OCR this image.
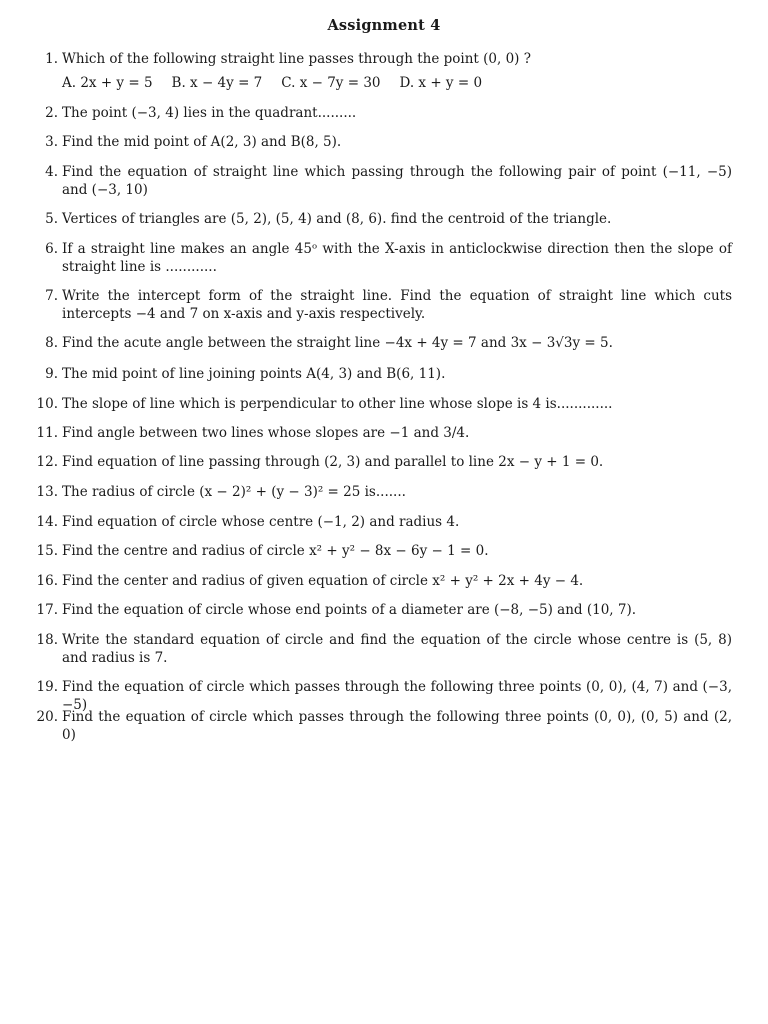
Assignment 4
1. Which of the following straight line passes through the point (0, 0) ?
A. 2x + y = 5 B. x − 4y = 7 C. x − 7y = 30 D. x + y = 0
2. The point (−3, 4) lies in the quadrant.........
3. Find the mid point of A(2, 3) and B(8, 5).
4. Find the equation of straight line which passing through the following pair of point (−11, −5) and (−3, 10)
5. Vertices of triangles are (5, 2), (5, 4) and (8, 6). find the centroid of the triangle.
6. If a straight line makes an angle 45ᵒ with the X-axis in anticlockwise direction then the slope of straight line is ............
7. Write the intercept form of the straight line. Find the equation of straight line which cuts intercepts −4 and 7 on x-axis and y-axis respectively.
8. Find the acute angle between the straight line −4x + 4y = 7 and 3x − 3√3y = 5.
9. The mid point of line joining points A(4, 3) and B(6, 11).
10. The slope of line which is perpendicular to other line whose slope is 4 is.............
11. Find angle between two lines whose slopes are −1 and 3/4.
12. Find equation of line passing through (2, 3) and parallel to line 2x − y + 1 = 0.
13. The radius of circle (x − 2)² + (y − 3)² = 25 is.......
14. Find equation of circle whose centre (−1, 2) and radius 4.
15. Find the centre and radius of circle x² + y² − 8x − 6y − 1 = 0.
16. Find the center and radius of given equation of circle x² + y² + 2x + 4y − 4.
17. Find the equation of circle whose end points of a diameter are (−8, −5) and (10, 7).
18. Write the standard equation of circle and find the equation of the circle whose centre is (5, 8) and radius is 7.
19. Find the equation of circle which passes through the following three points (0, 0), (4, 7) and (−3, −5)
20. Find the equation of circle which passes through the following three points (0, 0), (0, 5) and (2, 0)
